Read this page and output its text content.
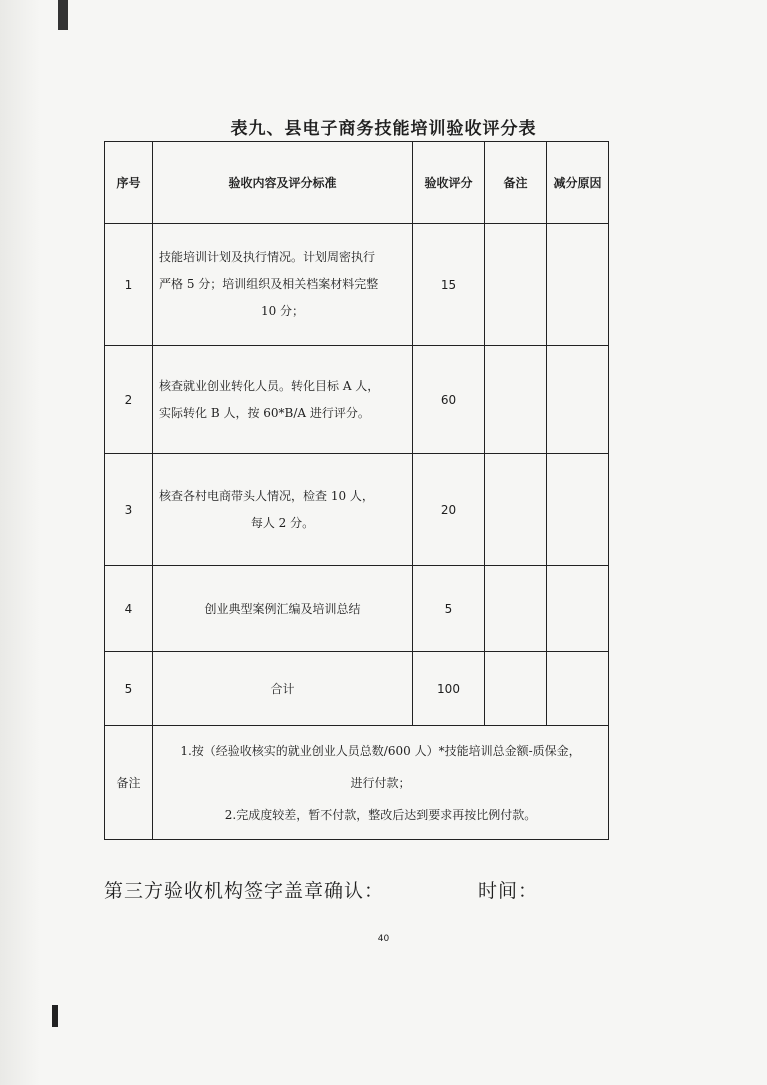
表九、县电子商务技能培训验收评分表
序号	验收内容及评分标准	验收评分	备注	减分原因
1	技能培训计划及执行情况。计划周密执行
严格 5 分；培训组织及相关档案材料完整
10 分；	15		
2	核查就业创业转化人员。转化目标 A 人，
实际转化 B 人，按 60*B/A 进行评分。	60		
3	核查各村电商带头人情况，检查 10 人，
每人 2 分。	20		
4	创业典型案例汇编及培训总结	5		
5	合计	100		
备注	1.按（经验收核实的就业创业人员总数/600 人）*技能培训总金额-质保金，
进行付款；
2.完成度较差，暂不付款，整改后达到要求再按比例付款。			
第三方验收机构签字盖章确认：	时间：
40
